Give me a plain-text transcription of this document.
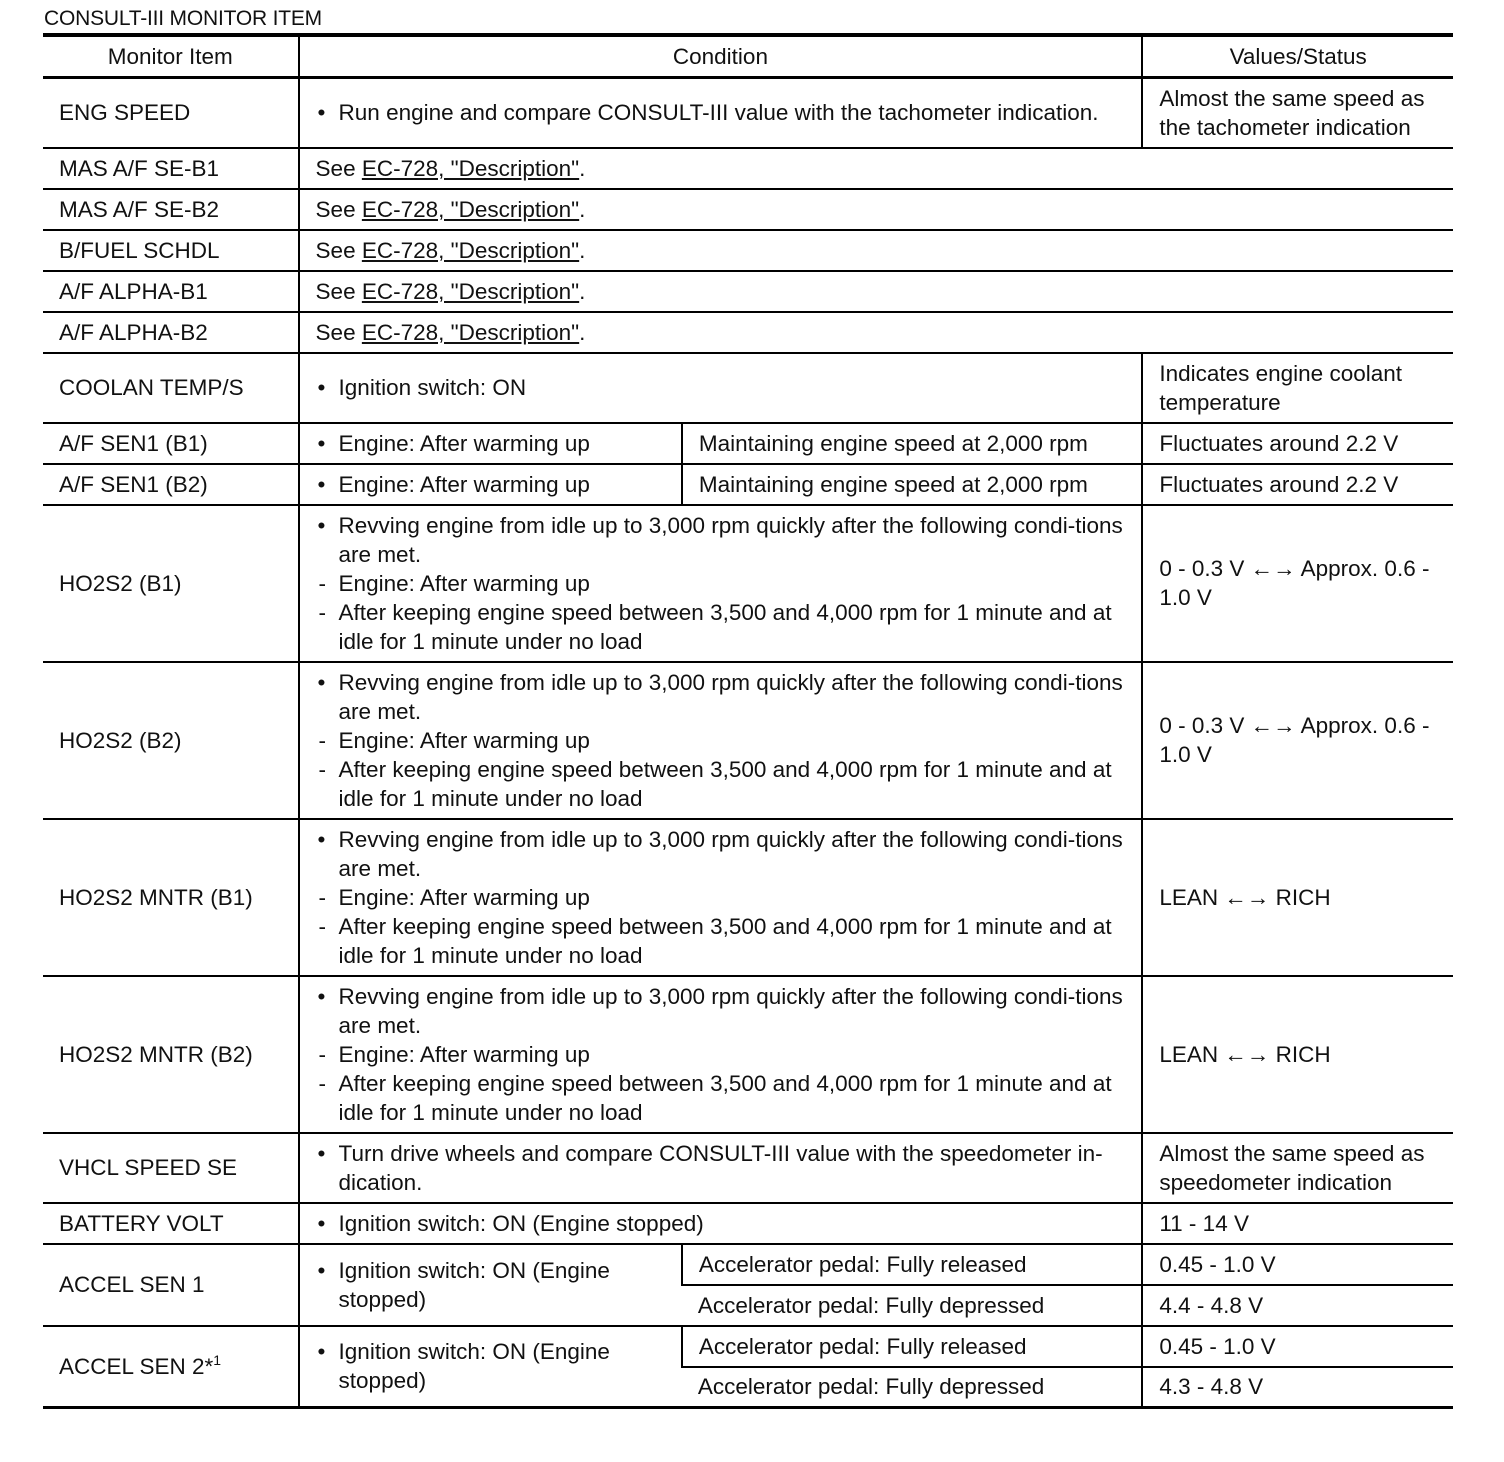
CONSULT-III MONITOR ITEM
Monitor Item	Condition		Values/Status
ENG SPEED	• Run engine and compare CONSULT-III value with the tachometer indication.		Almost the same speed as the tachometer indication
MAS A/F SE-B1	See EC-728, "Description".		
MAS A/F SE-B2	See EC-728, "Description".		
B/FUEL SCHDL	See EC-728, "Description".		
A/F ALPHA-B1	See EC-728, "Description".		
A/F ALPHA-B2	See EC-728, "Description".		
COOLAN TEMP/S	• Ignition switch: ON		Indicates engine coolant temperature
A/F SEN1 (B1)	• Engine: After warming up	Maintaining engine speed at 2,000 rpm	Fluctuates around 2.2 V
A/F SEN1 (B2)	• Engine: After warming up	Maintaining engine speed at 2,000 rpm	Fluctuates around 2.2 V
HO2S2 (B1)	• Revving engine from idle up to 3,000 rpm quickly after the following condi-tions are met.
- Engine: After warming up
- After keeping engine speed between 3,500 and 4,000 rpm for 1 minute and at idle for 1 minute under no load		0 - 0.3 V ←→ Approx. 0.6 - 1.0 V
HO2S2 (B2)	• Revving engine from idle up to 3,000 rpm quickly after the following condi-tions are met.
- Engine: After warming up
- After keeping engine speed between 3,500 and 4,000 rpm for 1 minute and at idle for 1 minute under no load		0 - 0.3 V ←→ Approx. 0.6 - 1.0 V
HO2S2 MNTR (B1)	• Revving engine from idle up to 3,000 rpm quickly after the following condi-tions are met.
- Engine: After warming up
- After keeping engine speed between 3,500 and 4,000 rpm for 1 minute and at idle for 1 minute under no load		LEAN ←→ RICH
HO2S2 MNTR (B2)	• Revving engine from idle up to 3,000 rpm quickly after the following condi-tions are met.
- Engine: After warming up
- After keeping engine speed between 3,500 and 4,000 rpm for 1 minute and at idle for 1 minute under no load		LEAN ←→ RICH
VHCL SPEED SE	• Turn drive wheels and compare CONSULT-III value with the speedometer in-dication.		Almost the same speed as speedometer indication
BATTERY VOLT	• Ignition switch: ON (Engine stopped)		11 - 14 V
ACCEL SEN 1	• Ignition switch: ON (Engine stopped)	Accelerator pedal: Fully released	0.45 - 1.0 V
		Accelerator pedal: Fully depressed	4.4 - 4.8 V
ACCEL SEN 2*$^1$	• Ignition switch: ON (Engine stopped)	Accelerator pedal: Fully released	0.45 - 1.0 V
		Accelerator pedal: Fully depressed	4.3 - 4.8 V
